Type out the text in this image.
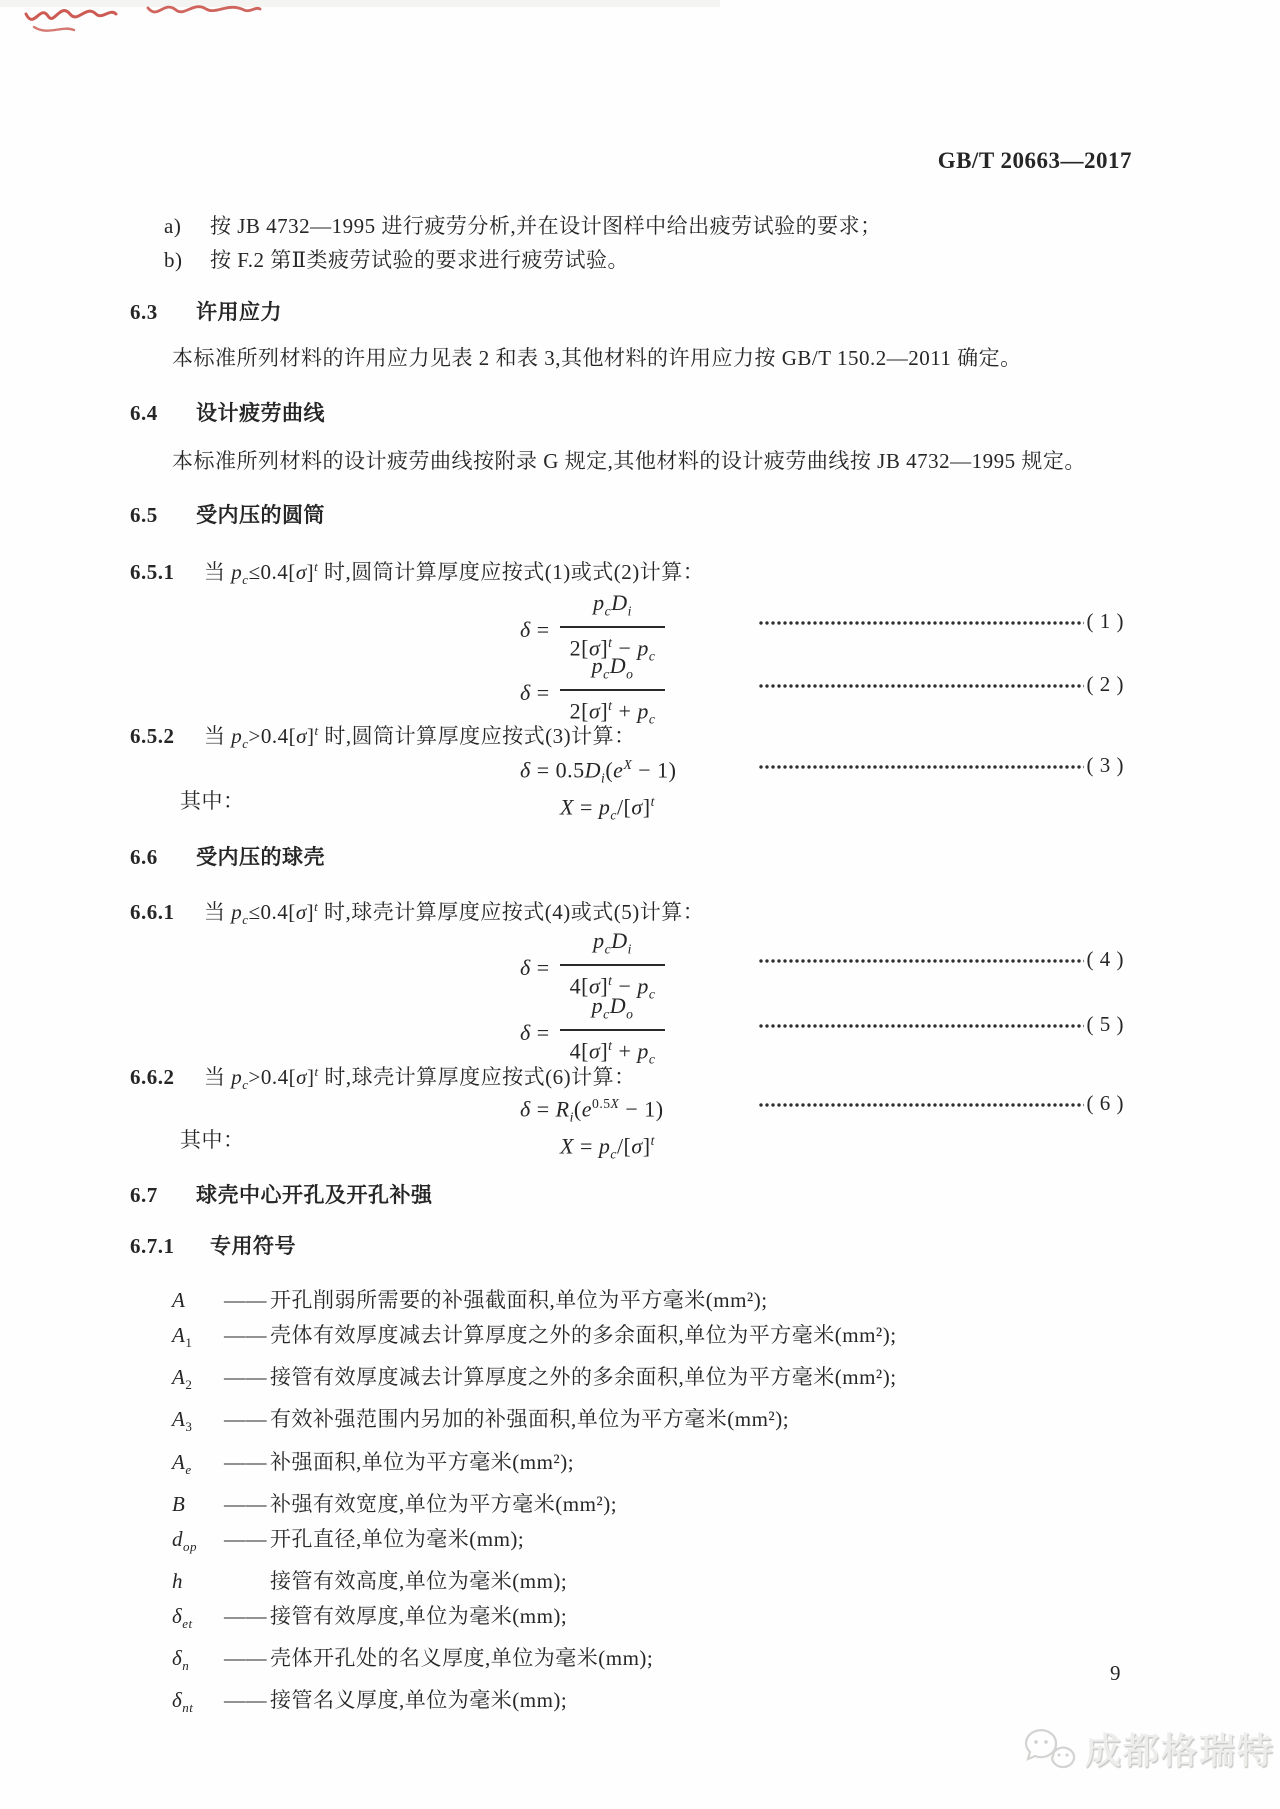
GB/T 20663—2017
a) 按 JB 4732—1995 进行疲劳分析,并在设计图样中给出疲劳试验的要求；
b) 按 F.2 第Ⅱ类疲劳试验的要求进行疲劳试验。
6.3 许用应力
本标准所列材料的许用应力见表 2 和表 3,其他材料的许用应力按 GB/T 150.2—2011 确定。
6.4 设计疲劳曲线
本标准所列材料的设计疲劳曲线按附录 G 规定,其他材料的设计疲劳曲线按 JB 4732—1995 规定。
6.5 受内压的圆筒
6.5.1 当 $p_c\le 0.4[\sigma]^t$ 时,圆筒计算厚度应按式(1)或式(2)计算：
$\delta = \frac{p_cD_i}{2[\sigma]^t - p_c}$	( 1 )
$\delta = \frac{p_cD_o}{2[\sigma]^t + p_c}$	( 2 )
6.5.2 当 $p_c>0.4[\sigma]^t$ 时,圆筒计算厚度应按式(3)计算：
$\delta = 0.5D_i(e^X - 1)$	( 3 )
其中：	$X = p_c/[\sigma]^t$
6.6 受内压的球壳
6.6.1 当 $p_c\le 0.4[\sigma]^t$ 时,球壳计算厚度应按式(4)或式(5)计算：
$\delta = \frac{p_cD_i}{4[\sigma]^t - p_c}$	( 4 )
$\delta = \frac{p_cD_o}{4[\sigma]^t + p_c}$	( 5 )
6.6.2 当 $p_c>0.4[\sigma]^t$ 时,球壳计算厚度应按式(6)计算：
$\delta = R_i(e^{0.5X} - 1)$	( 6 )
其中：	$X = p_c/[\sigma]^t$
6.7 球壳中心开孔及开孔补强
6.7.1 专用符号
A —— 开孔削弱所需要的补强截面积,单位为平方毫米(mm²);
$A_1$ —— 壳体有效厚度减去计算厚度之外的多余面积,单位为平方毫米(mm²);
$A_2$ —— 接管有效厚度减去计算厚度之外的多余面积,单位为平方毫米(mm²);
$A_3$ —— 有效补强范围内另加的补强面积,单位为平方毫米(mm²);
$A_e$ —— 补强面积,单位为平方毫米(mm²);
B —— 补强有效宽度,单位为平方毫米(mm²);
$d_{op}$ —— 开孔直径,单位为毫米(mm);
h	接管有效高度,单位为毫米(mm);
$\delta_{et}$ —— 接管有效厚度,单位为毫米(mm);
$\delta_n$ —— 壳体开孔处的名义厚度,单位为毫米(mm);
$\delta_{nt}$ —— 接管名义厚度,单位为毫米(mm);
9
成都格瑞特
